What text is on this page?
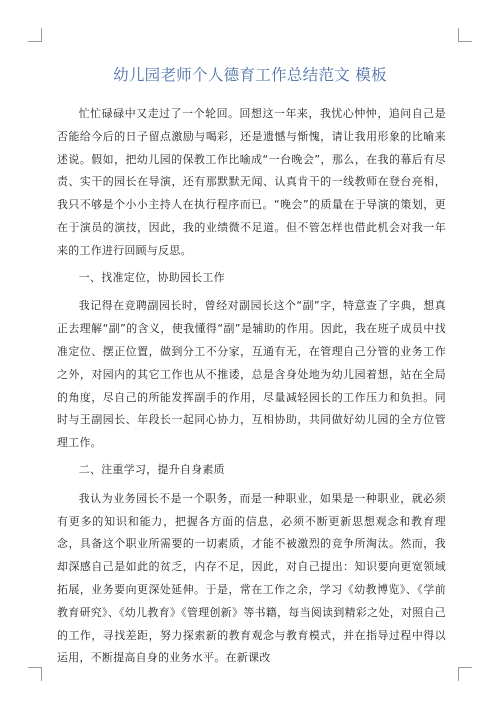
幼儿园老师个人德育工作总结范文 模板

忙忙碌碌中又走过了一个轮回。回想这一年来，我忧心忡忡，追问自己是否能给今后的日子留点激励与喝彩，还是遗憾与惭愧，请让我用形象的比喻来述说。假如，把幼儿园的保教工作比喻成“一台晚会”，那么，在我的幕后有尽责、实干的园长在导演，还有那默默无闻、认真肯干的一线教师在登台亮相，我只不够是个小小主持人在执行程序而已。“晚会”的质量在于导演的策划，更在于演员的演技，因此，我的业绩微不足道。但不管怎样也借此机会对我一年来的工作进行回顾与反思。

一、找准定位，协助园长工作

我记得在竞聘副园长时，曾经对副园长这个“副”字，特意查了字典，想真正去理解“副”的含义，使我懂得“副”是辅助的作用。因此，我在班子成员中找准定位、摆正位置，做到分工不分家，互通有无，在管理自己分管的业务工作之外，对园内的其它工作也从不推诿，总是含身处地为幼儿园着想，站在全局的角度，尽自己的所能发挥副手的作用，尽量减轻园长的工作压力和负担。同时与王副园长、年段长一起同心协力，互相协助，共同做好幼儿园的全方位管理工作。

二、注重学习，提升自身素质

我认为业务园长不是一个职务，而是一种职业，如果是一种职业，就必须有更多的知识和能力，把握各方面的信息，必须不断更新思想观念和教育理念，具备这个职业所需要的一切素质，才能不被激烈的竞争所淘汰。然而，我却深感自己是如此的贫乏，内存不足，因此，对自己提出：知识要向更宽领域拓展，业务要向更深处延伸。于是，常在工作之余，学习《幼教博览》、《学前教育研究》、《幼儿教育》《管理创新》等书籍，每当阅读到精彩之处，对照自己的工作，寻找差距，努力探索新的教育观念与教育模式，并在指导过程中得以运用，不断提高自身的业务水平。在新课改
